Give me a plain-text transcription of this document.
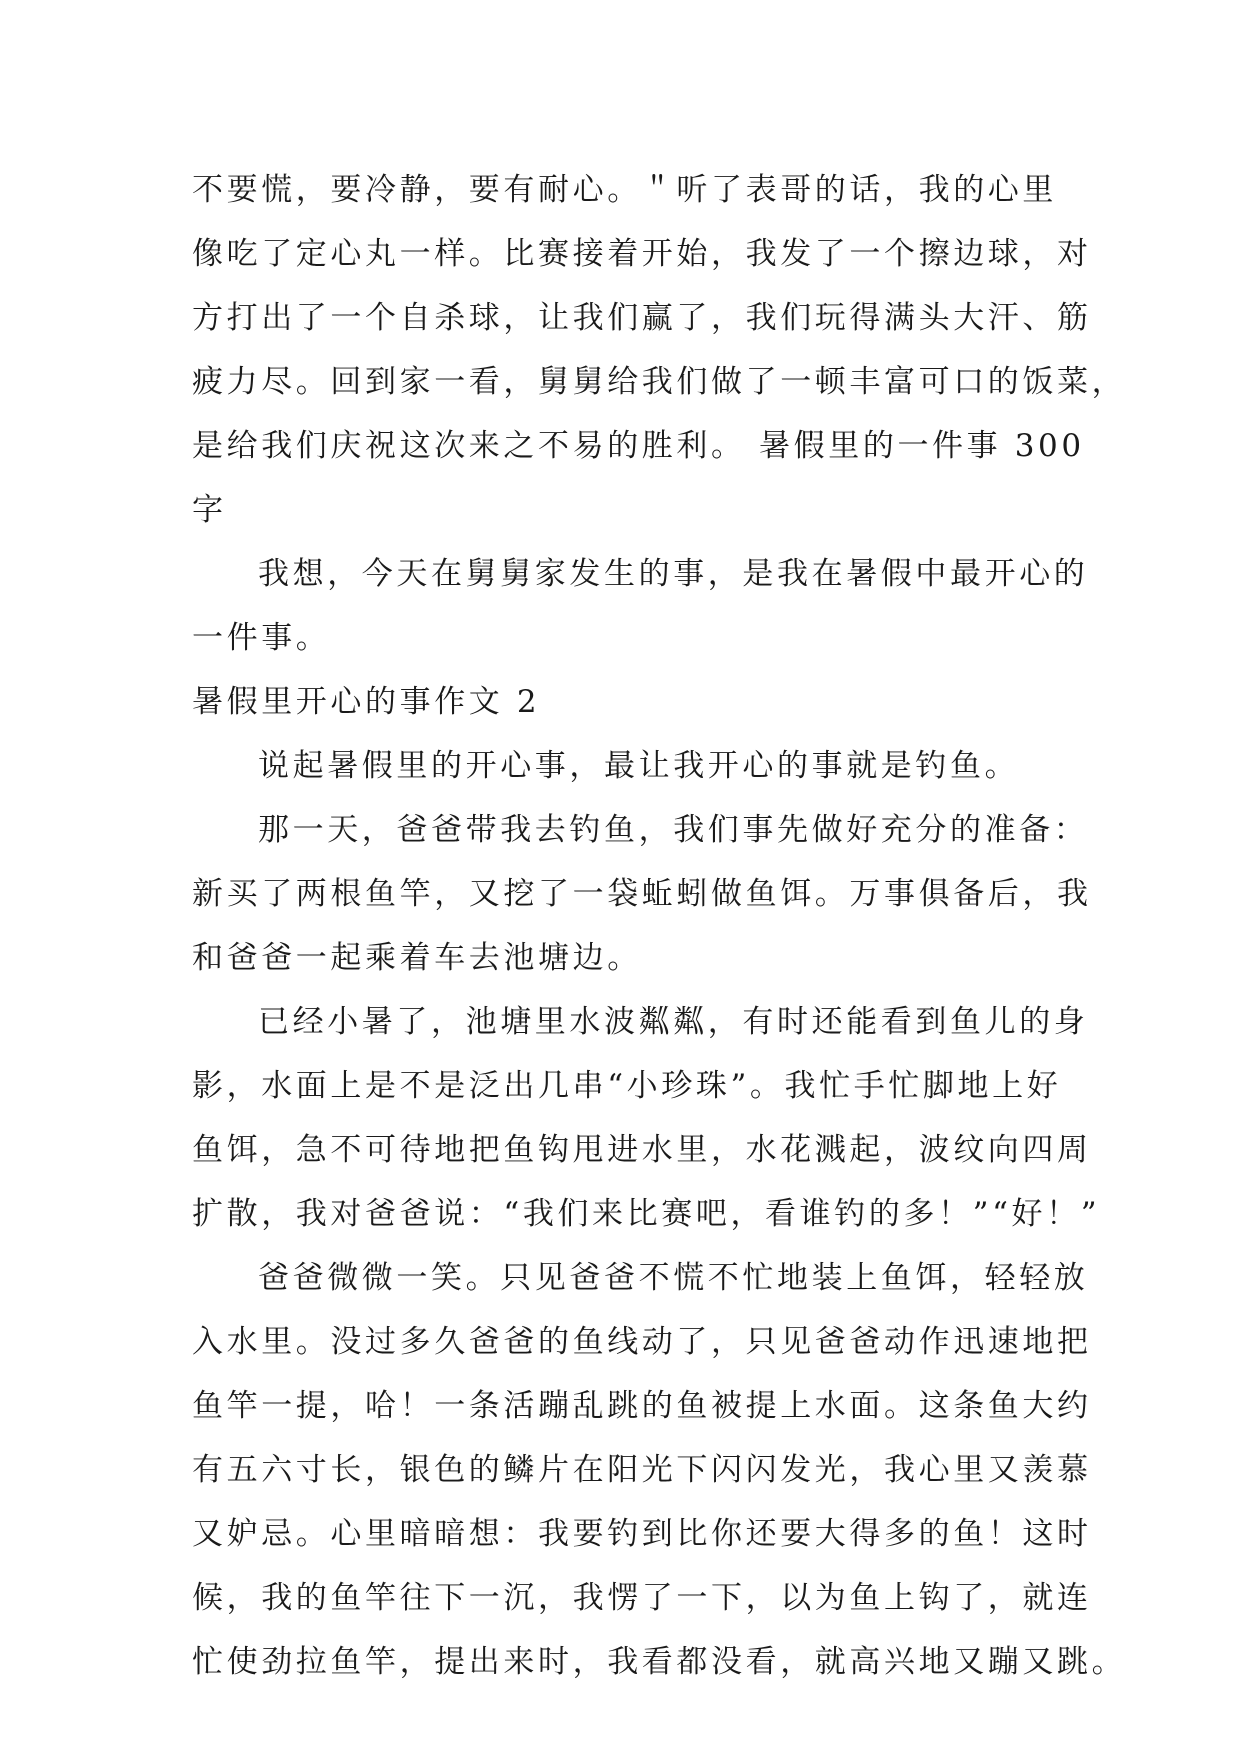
不要慌，要冷静，要有耐心。＂听了表哥的话，我的心里
像吃了定心丸一样。比赛接着开始，我发了一个擦边球，对
方打出了一个自杀球，让我们赢了，我们玩得满头大汗、筋
疲力尽。回到家一看，舅舅给我们做了一顿丰富可口的饭菜，
是给我们庆祝这次来之不易的胜利。 暑假里的一件事 300
字
我想，今天在舅舅家发生的事，是我在暑假中最开心的
一件事。
暑假里开心的事作文 2
说起暑假里的开心事，最让我开心的事就是钓鱼。
那一天，爸爸带我去钓鱼，我们事先做好充分的准备：
新买了两根鱼竿，又挖了一袋蚯蚓做鱼饵。万事俱备后，我
和爸爸一起乘着车去池塘边。
已经小暑了，池塘里水波粼粼，有时还能看到鱼儿的身
影，水面上是不是泛出几串“小珍珠”。我忙手忙脚地上好
鱼饵，急不可待地把鱼钩甩进水里，水花溅起，波纹向四周
扩散，我对爸爸说：“我们来比赛吧，看谁钓的多！”“好！”
爸爸微微一笑。只见爸爸不慌不忙地装上鱼饵，轻轻放
入水里。没过多久爸爸的鱼线动了，只见爸爸动作迅速地把
鱼竿一提，哈！一条活蹦乱跳的鱼被提上水面。这条鱼大约
有五六寸长，银色的鳞片在阳光下闪闪发光，我心里又羡慕
又妒忌。心里暗暗想：我要钓到比你还要大得多的鱼！这时
候，我的鱼竿往下一沉，我愣了一下，以为鱼上钩了，就连
忙使劲拉鱼竿，提出来时，我看都没看，就高兴地又蹦又跳。
